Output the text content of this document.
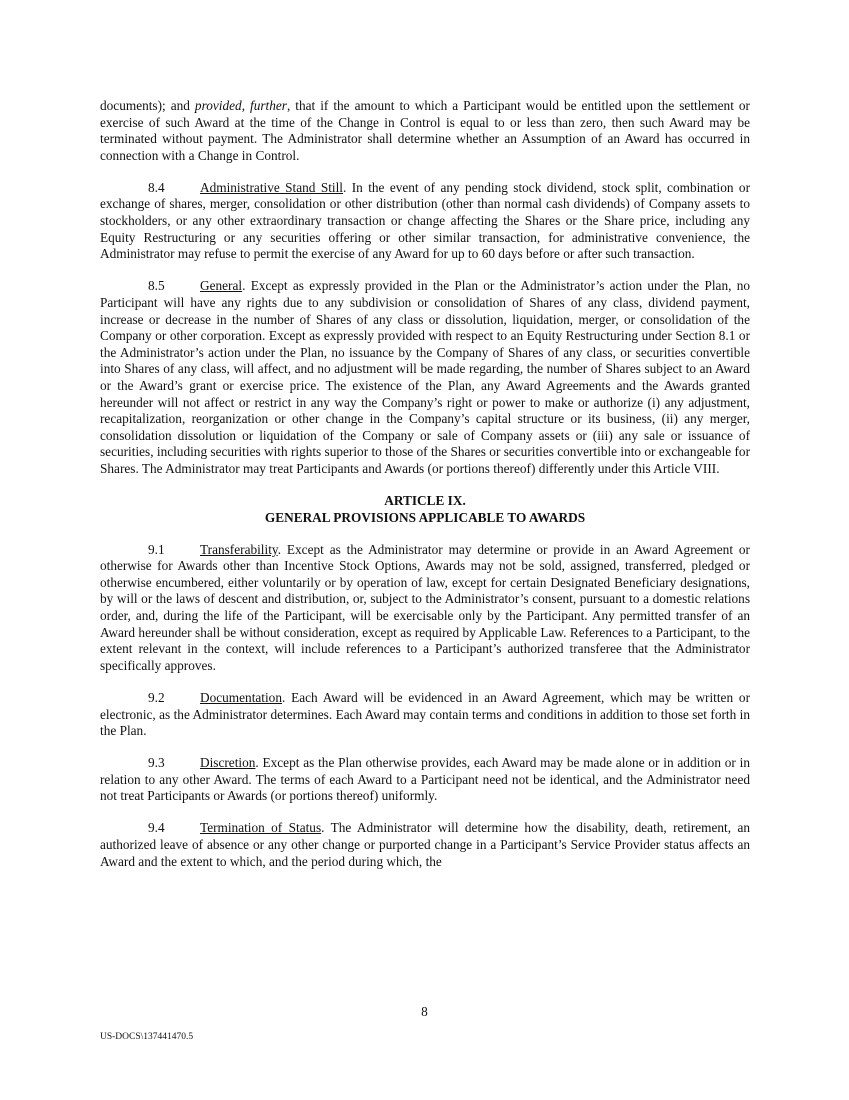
documents); and provided, further, that if the amount to which a Participant would be entitled upon the settlement or exercise of such Award at the time of the Change in Control is equal to or less than zero, then such Award may be terminated without payment. The Administrator shall determine whether an Assumption of an Award has occurred in connection with a Change in Control.

8.4	Administrative Stand Still. In the event of any pending stock dividend, stock split, combination or exchange of shares, merger, consolidation or other distribution (other than normal cash dividends) of Company assets to stockholders, or any other extraordinary transaction or change affecting the Shares or the Share price, including any Equity Restructuring or any securities offering or other similar transaction, for administrative convenience, the Administrator may refuse to permit the exercise of any Award for up to 60 days before or after such transaction.

8.5	General. Except as expressly provided in the Plan or the Administrator’s action under the Plan, no Participant will have any rights due to any subdivision or consolidation of Shares of any class, dividend payment, increase or decrease in the number of Shares of any class or dissolution, liquidation, merger, or consolidation of the Company or other corporation. Except as expressly provided with respect to an Equity Restructuring under Section 8.1 or the Administrator’s action under the Plan, no issuance by the Company of Shares of any class, or securities convertible into Shares of any class, will affect, and no adjustment will be made regarding, the number of Shares subject to an Award or the Award’s grant or exercise price. The existence of the Plan, any Award Agreements and the Awards granted hereunder will not affect or restrict in any way the Company’s right or power to make or authorize (i) any adjustment, recapitalization, reorganization or other change in the Company’s capital structure or its business, (ii) any merger, consolidation dissolution or liquidation of the Company or sale of Company assets or (iii) any sale or issuance of securities, including securities with rights superior to those of the Shares or securities convertible into or exchangeable for Shares. The Administrator may treat Participants and Awards (or portions thereof) differently under this Article VIII.

ARTICLE IX.
GENERAL PROVISIONS APPLICABLE TO AWARDS

9.1	Transferability. Except as the Administrator may determine or provide in an Award Agreement or otherwise for Awards other than Incentive Stock Options, Awards may not be sold, assigned, transferred, pledged or otherwise encumbered, either voluntarily or by operation of law, except for certain Designated Beneficiary designations, by will or the laws of descent and distribution, or, subject to the Administrator’s consent, pursuant to a domestic relations order, and, during the life of the Participant, will be exercisable only by the Participant. Any permitted transfer of an Award hereunder shall be without consideration, except as required by Applicable Law. References to a Participant, to the extent relevant in the context, will include references to a Participant’s authorized transferee that the Administrator specifically approves.

9.2	Documentation. Each Award will be evidenced in an Award Agreement, which may be written or electronic, as the Administrator determines. Each Award may contain terms and conditions in addition to those set forth in the Plan.

9.3	Discretion. Except as the Plan otherwise provides, each Award may be made alone or in addition or in relation to any other Award. The terms of each Award to a Participant need not be identical, and the Administrator need not treat Participants or Awards (or portions thereof) uniformly.

9.4	Termination of Status. The Administrator will determine how the disability, death, retirement, an authorized leave of absence or any other change or purported change in a Participant’s Service Provider status affects an Award and the extent to which, and the period during which, the

8
US-DOCS\137441470.5
